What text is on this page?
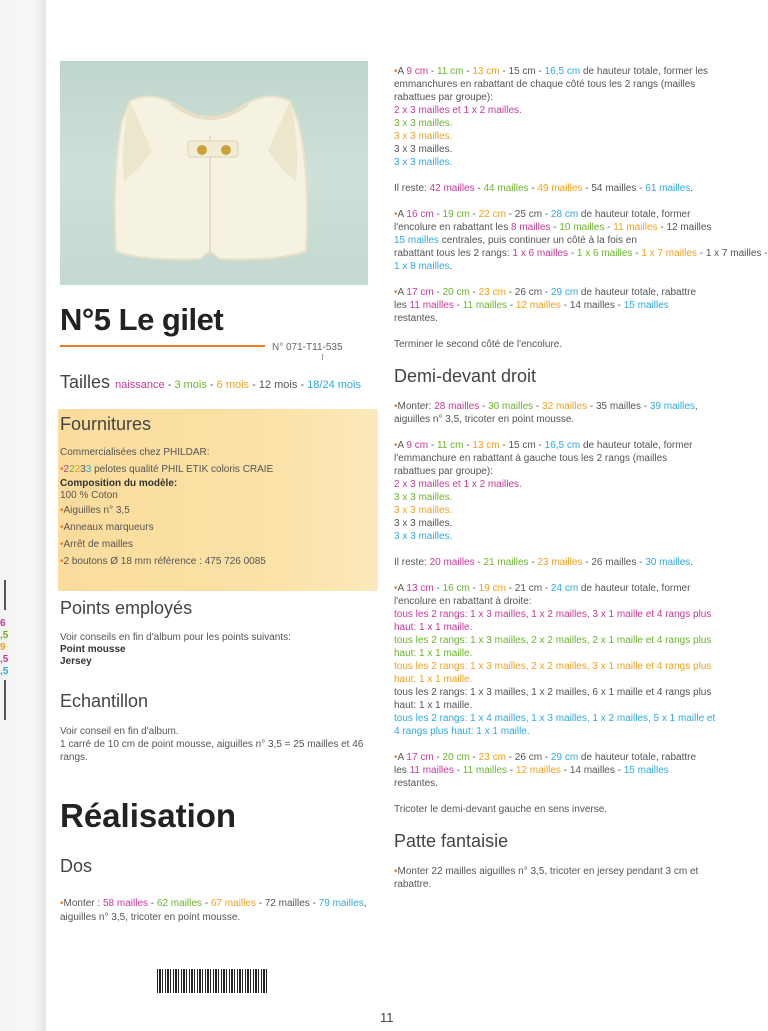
6
,5
9
,5
,5
N°5 Le gilet
N° 071-T11-535
Tailles naissance - 3 mois - 6 mois - 12 mois - 18/24 mois
Fournitures
Commercialisées chez PHILDAR:
•22233 pelotes qualité PHIL ETIK coloris CRAIE
Composition du modèle:
100 % Coton
•Aiguilles n° 3,5
•Anneaux marqueurs
•Arrêt de mailles
•2 boutons Ø 18 mm référence : 475 726 0085
Points employés
Voir conseils en fin d'album pour les points suivants:
Point mousse
Jersey
Echantillon
Voir conseil en fin d'album.
1 carré de 10 cm de point mousse, aiguilles n° 3,5 = 25 mailles et 46
rangs.
Réalisation
Dos
•Monter : 58 mailles - 62 mailles - 67 mailles - 72 mailles - 79 mailles,
aiguilles n° 3,5, tricoter en point mousse.

•A 9 cm - 11 cm - 13 cm - 15 cm - 16,5 cm de hauteur totale, former les
emmanchures en rabattant de chaque côté tous les 2 rangs (mailles
rabattues par groupe):
2 x 3 mailles et 1 x 2 mailles.
3 x 3 mailles.
3 x 3 mailles.
3 x 3 mailles.
3 x 3 mailles.

Il reste: 42 mailles - 44 mailles - 49 mailles - 54 mailles - 61 mailles.

•A 16 cm - 19 cm - 22 cm - 25 cm - 28 cm de hauteur totale, former
l'encolure en rabattant les 8 mailles - 10 mailles - 11 mailles - 12 mailles
15 mailles centrales, puis continuer un côté à la fois en
rabattant tous les 2 rangs: 1 x 6 mailles - 1 x 6 mailles - 1 x 7 mailles - 1 x 7 mailles -
1 x 8 mailles.

•A 17 cm - 20 cm - 23 cm - 26 cm - 29 cm de hauteur totale, rabattre
les 11 mailles - 11 mailles - 12 mailles - 14 mailles - 15 mailles
restantes.

Terminer le second côté de l'encolure.

Demi-devant droit

•Monter: 28 mailles - 30 mailles - 32 mailles - 35 mailles - 39 mailles,
aiguilles n° 3,5, tricoter en point mousse.

•A 9 cm - 11 cm - 13 cm - 15 cm - 16,5 cm de hauteur totale, former
l'emmanchure en rabattant à gauche tous les 2 rangs (mailles
rabattues par groupe):
2 x 3 mailles et 1 x 2 mailles.
3 x 3 mailles.
3 x 3 mailles.
3 x 3 mailles.
3 x 3 mailles.

Il reste: 20 mailles - 21 mailles - 23 mailles - 26 mailles - 30 mailles.

•A 13 cm - 16 cm - 19 cm - 21 cm - 24 cm de hauteur totale, former
l'encolure en rabattant à droite:
tous les 2 rangs: 1 x 3 mailles, 1 x 2 mailles, 3 x 1 maille et 4 rangs plus
haut: 1 x 1 maille.
tous les 2 rangs: 1 x 3 mailles, 2 x 2 mailles, 2 x 1 maille et 4 rangs plus
haut: 1 x 1 maille.
tous les 2 rangs: 1 x 3 mailles, 2 x 2 mailles, 3 x 1 maille et 4 rangs plus
haut: 1 x 1 maille.
tous les 2 rangs: 1 x 3 mailles, 1 x 2 mailles, 6 x 1 maille et 4 rangs plus
haut: 1 x 1 maille.
tous les 2 rangs: 1 x 4 mailles, 1 x 3 mailles, 1 x 2 mailles, 5 x 1 maille et
4 rangs plus haut: 1 x 1 maille.

•A 17 cm - 20 cm - 23 cm - 26 cm - 29 cm de hauteur totale, rabattre
les 11 mailles - 11 mailles - 12 mailles - 14 mailles - 15 mailles
restantes.

Tricoter le demi-devant gauche en sens inverse.

Patte fantaisie

•Monter 22 mailles aiguilles n° 3,5, tricoter en jersey pendant 3 cm et
rabattre.

11
